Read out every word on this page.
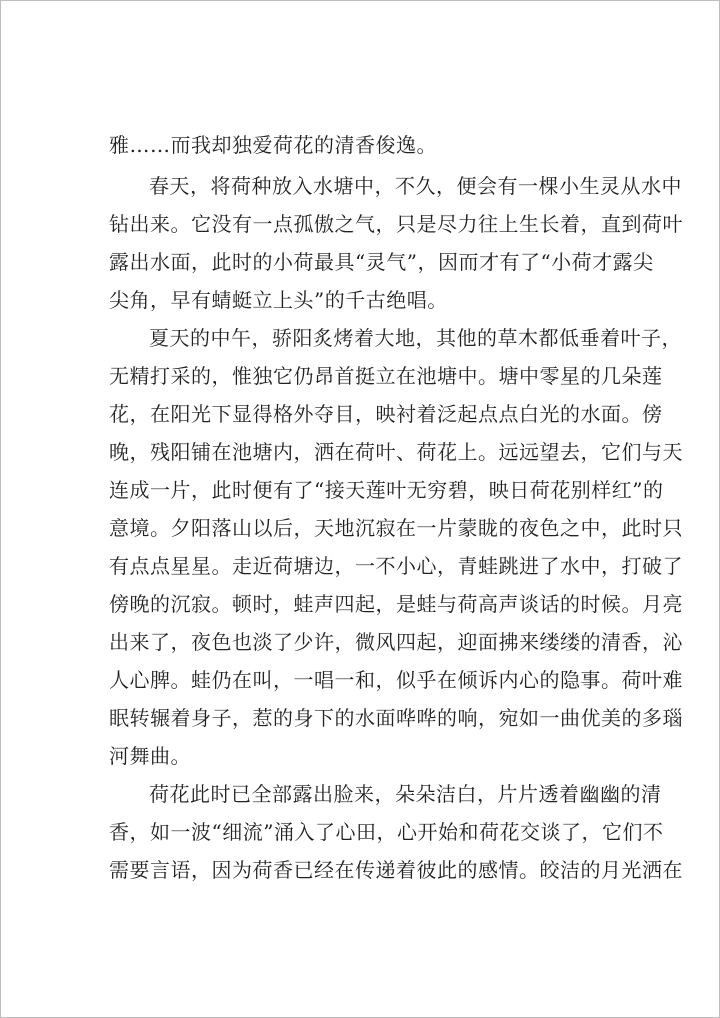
雅……而我却独爱荷花的清香俊逸。
春天，将荷种放入水塘中，不久，便会有一棵小生灵从水中
钻出来。它没有一点孤傲之气，只是尽力往上生长着，直到荷叶
露出水面，此时的小荷最具“灵气”，因而才有了“小荷才露尖
尖角，早有蜻蜓立上头”的千古绝唱。
夏天的中午，骄阳炙烤着大地，其他的草木都低垂着叶子，
无精打采的，惟独它仍昂首挺立在池塘中。塘中零星的几朵莲
花，在阳光下显得格外夺目，映衬着泛起点点白光的水面。傍
晚，残阳铺在池塘内，洒在荷叶、荷花上。远远望去，它们与天
连成一片，此时便有了“接天莲叶无穷碧，映日荷花别样红”的
意境。夕阳落山以后，天地沉寂在一片蒙眬的夜色之中，此时只
有点点星星。走近荷塘边，一不小心，青蛙跳进了水中，打破了
傍晚的沉寂。顿时，蛙声四起，是蛙与荷高声谈话的时候。月亮
出来了，夜色也淡了少许，微风四起，迎面拂来缕缕的清香，沁
人心脾。蛙仍在叫，一唱一和，似乎在倾诉内心的隐事。荷叶难
眠转辗着身子，惹的身下的水面哗哗的响，宛如一曲优美的多瑙
河舞曲。
荷花此时已全部露出脸来，朵朵洁白，片片透着幽幽的清
香，如一波“细流”涌入了心田，心开始和荷花交谈了，它们不
需要言语，因为荷香已经在传递着彼此的感情。皎洁的月光洒在
